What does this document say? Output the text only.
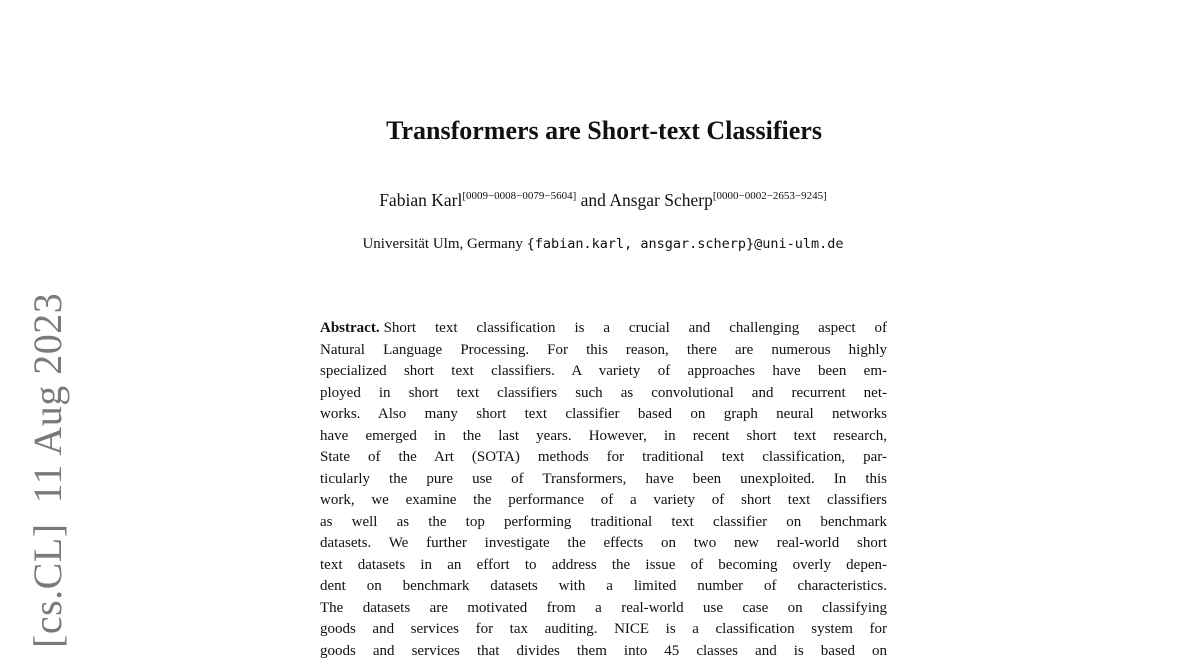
[cs.CL]11 Aug 2023
Transformers are Short-text Classifiers
Fabian Karl[0009−0008−0079−5604] and Ansgar Scherp[0000−0002−2653−9245]
Universität Ulm, Germany {fabian.karl, ansgar.scherp}@uni-ulm.de
Abstract. Short text classification is a crucial and challenging aspect of
Natural Language Processing. For this reason, there are numerous highly
specialized short text classifiers. A variety of approaches have been em-
ployed in short text classifiers such as convolutional and recurrent net-
works. Also many short text classifier based on graph neural networks
have emerged in the last years. However, in recent short text research,
State of the Art (SOTA) methods for traditional text classification, par-
ticularly the pure use of Transformers, have been unexploited. In this
work, we examine the performance of a variety of short text classifiers
as well as the top performing traditional text classifier on benchmark
datasets. We further investigate the effects on two new real-world short
text datasets in an effort to address the issue of becoming overly depen-
dent on benchmark datasets with a limited number of characteristics.
The datasets are motivated from a real-world use case on classifying
goods and services for tax auditing. NICE is a classification system for
goods and services that divides them into 45 classes and is based on
